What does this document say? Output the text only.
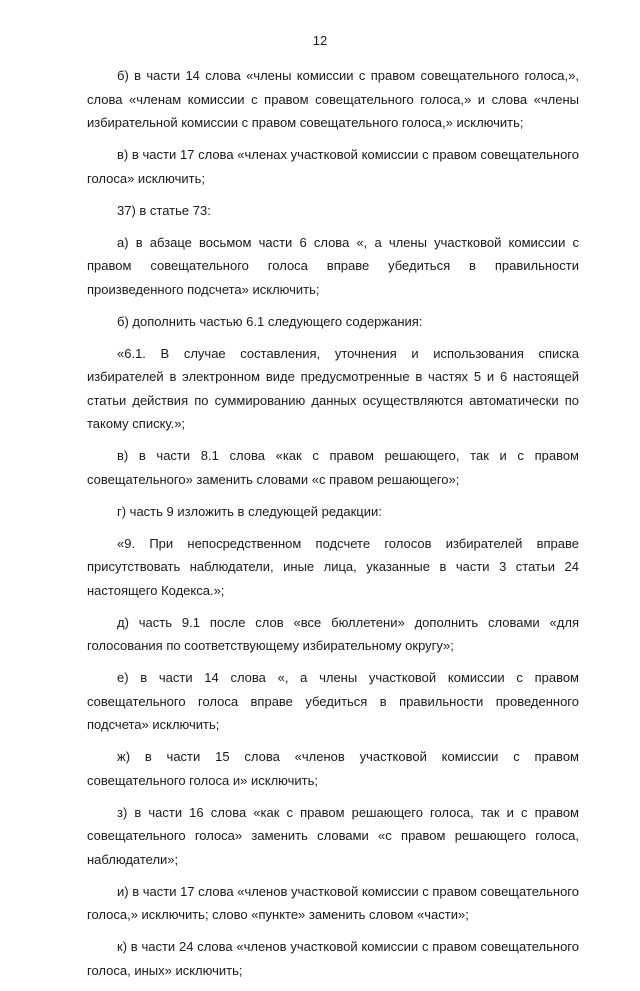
12

б) в части 14 слова «члены комиссии с правом совещательного голоса,», слова «членам комиссии с правом совещательного голоса,» и слова «члены избирательной комиссии с правом совещательного голоса,» исключить;

в) в части 17 слова «членах участковой комиссии с правом совещательного голоса» исключить;

37) в статье 73:

а) в абзаце восьмом части 6 слова «, а члены участковой комиссии с правом совещательного голоса вправе убедиться в правильности произведенного подсчета» исключить;

б) дополнить частью 6.1 следующего содержания:

«6.1. В случае составления, уточнения и использования списка избирателей в электронном виде предусмотренные в частях 5 и 6 настоящей статьи действия по суммированию данных осуществляются автоматически по такому списку.»;

в) в части 8.1 слова «как с правом решающего, так и с правом совещательного» заменить словами «с правом решающего»;

г) часть 9 изложить в следующей редакции:

«9. При непосредственном подсчете голосов избирателей вправе присутствовать наблюдатели, иные лица, указанные в части 3 статьи 24 настоящего Кодекса.»;

д) часть 9.1 после слов «все бюллетени» дополнить словами «для голосования по соответствующему избирательному округу»;

е) в части 14 слова «, а члены участковой комиссии с правом совещательного голоса вправе убедиться в правильности проведенного подсчета» исключить;

ж) в части 15 слова «членов участковой комиссии с правом совещательного голоса и» исключить;

з) в части 16 слова «как с правом решающего голоса, так и с правом совещательного голоса» заменить словами «с правом решающего голоса, наблюдатели»;

и) в части 17 слова «членов участковой комиссии с правом совещательного голоса,» исключить; слово «пункте» заменить словом «части»;

к) в части 24 слова «членов участковой комиссии с правом совещательного голоса, иных» исключить;
